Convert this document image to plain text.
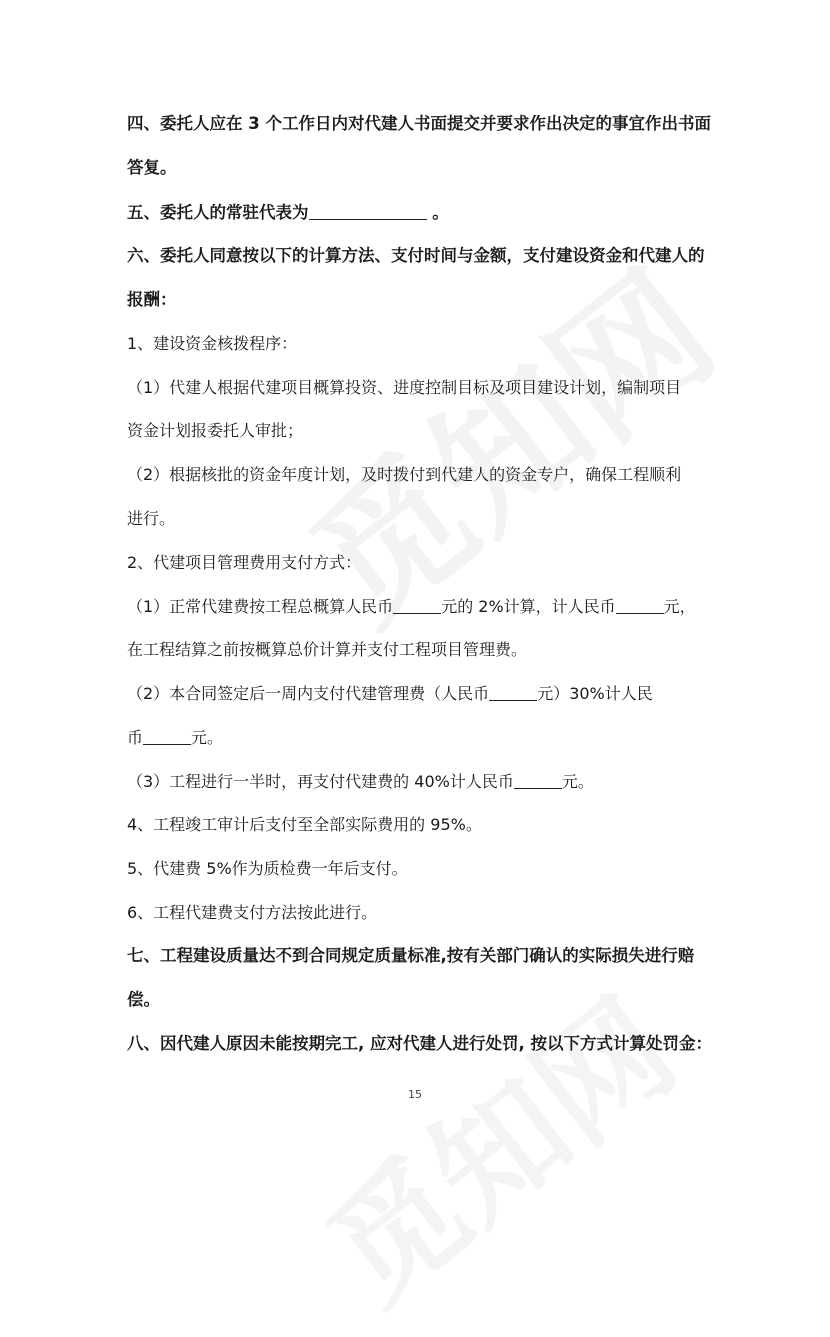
四、委托人应在 3 个工作日内对代建人书面提交并要求作出决定的事宜作出书面
答复。
五、委托人的常驻代表为	。
六、委托人同意按以下的计算方法、支付时间与金额，支付建设资金和代建人的
报酬：
1、建设资金核拨程序：
（1）代建人根据代建项目概算投资、进度控制目标及项目建设计划，编制项目
资金计划报委托人审批；
（2）根据核批的资金年度计划，及时拨付到代建人的资金专户，确保工程顺利
进行。
2、代建项目管理费用支付方式：
（1）正常代建费按工程总概算人民币	元的 2%计算，计人民币	元，
在工程结算之前按概算总价计算并支付工程项目管理费。
（2）本合同签定后一周内支付代建管理费（人民币	元）30%计人民
币	元。
（3）工程进行一半时，再支付代建费的 40%计人民币	元。
4、工程竣工审计后支付至全部实际费用的 95%。
5、代建费 5%作为质检费一年后支付。
6、工程代建费支付方法按此进行。
七、工程建设质量达不到合同规定质量标准,按有关部门确认的实际损失进行赔
偿。
八、因代建人原因未能按期完工, 应对代建人进行处罚, 按以下方式计算处罚金：
15
